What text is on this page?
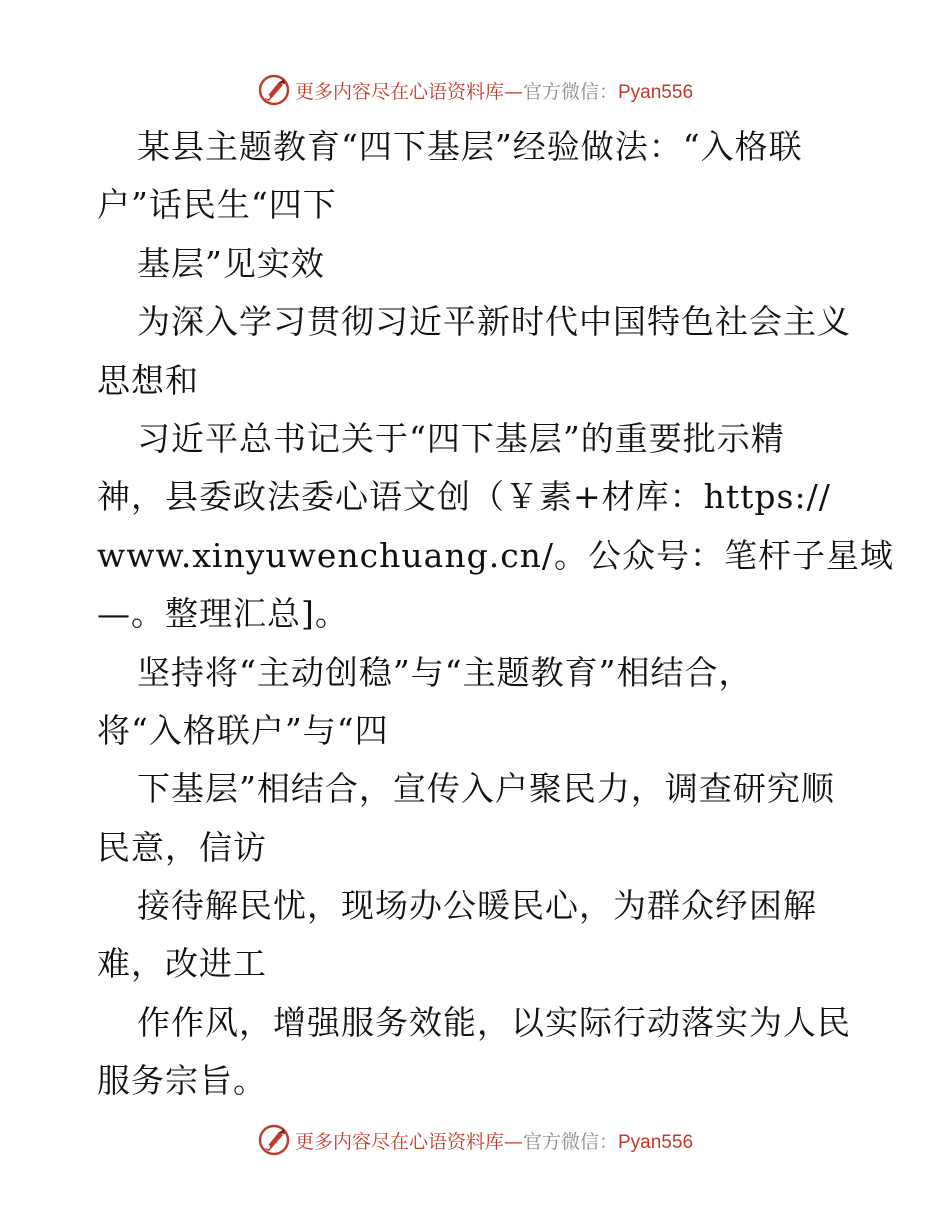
更多内容尽在心语资料库—官方微信：Pyan556
某县主题教育“四下基层”经验做法：“入格联
户”话民生“四下
基层”见实效
为深入学习贯彻习近平新时代中国特色社会主义
思想和
习近平总书记关于“四下基层”的重要批示精
神，县委政法委心语文创（￥素+材库：https://
www.xinyuwenchuang.cn/。公众号：笔杆子星域
—。整理汇总]。
坚持将“主动创稳”与“主题教育”相结合，
将“入格联户”与“四
下基层”相结合，宣传入户聚民力，调查研究顺
民意，信访
接待解民忧，现场办公暖民心，为群众纾困解
难，改进工
作作风，增强服务效能，以实际行动落实为人民
服务宗旨。
更多内容尽在心语资料库—官方微信：Pyan556
